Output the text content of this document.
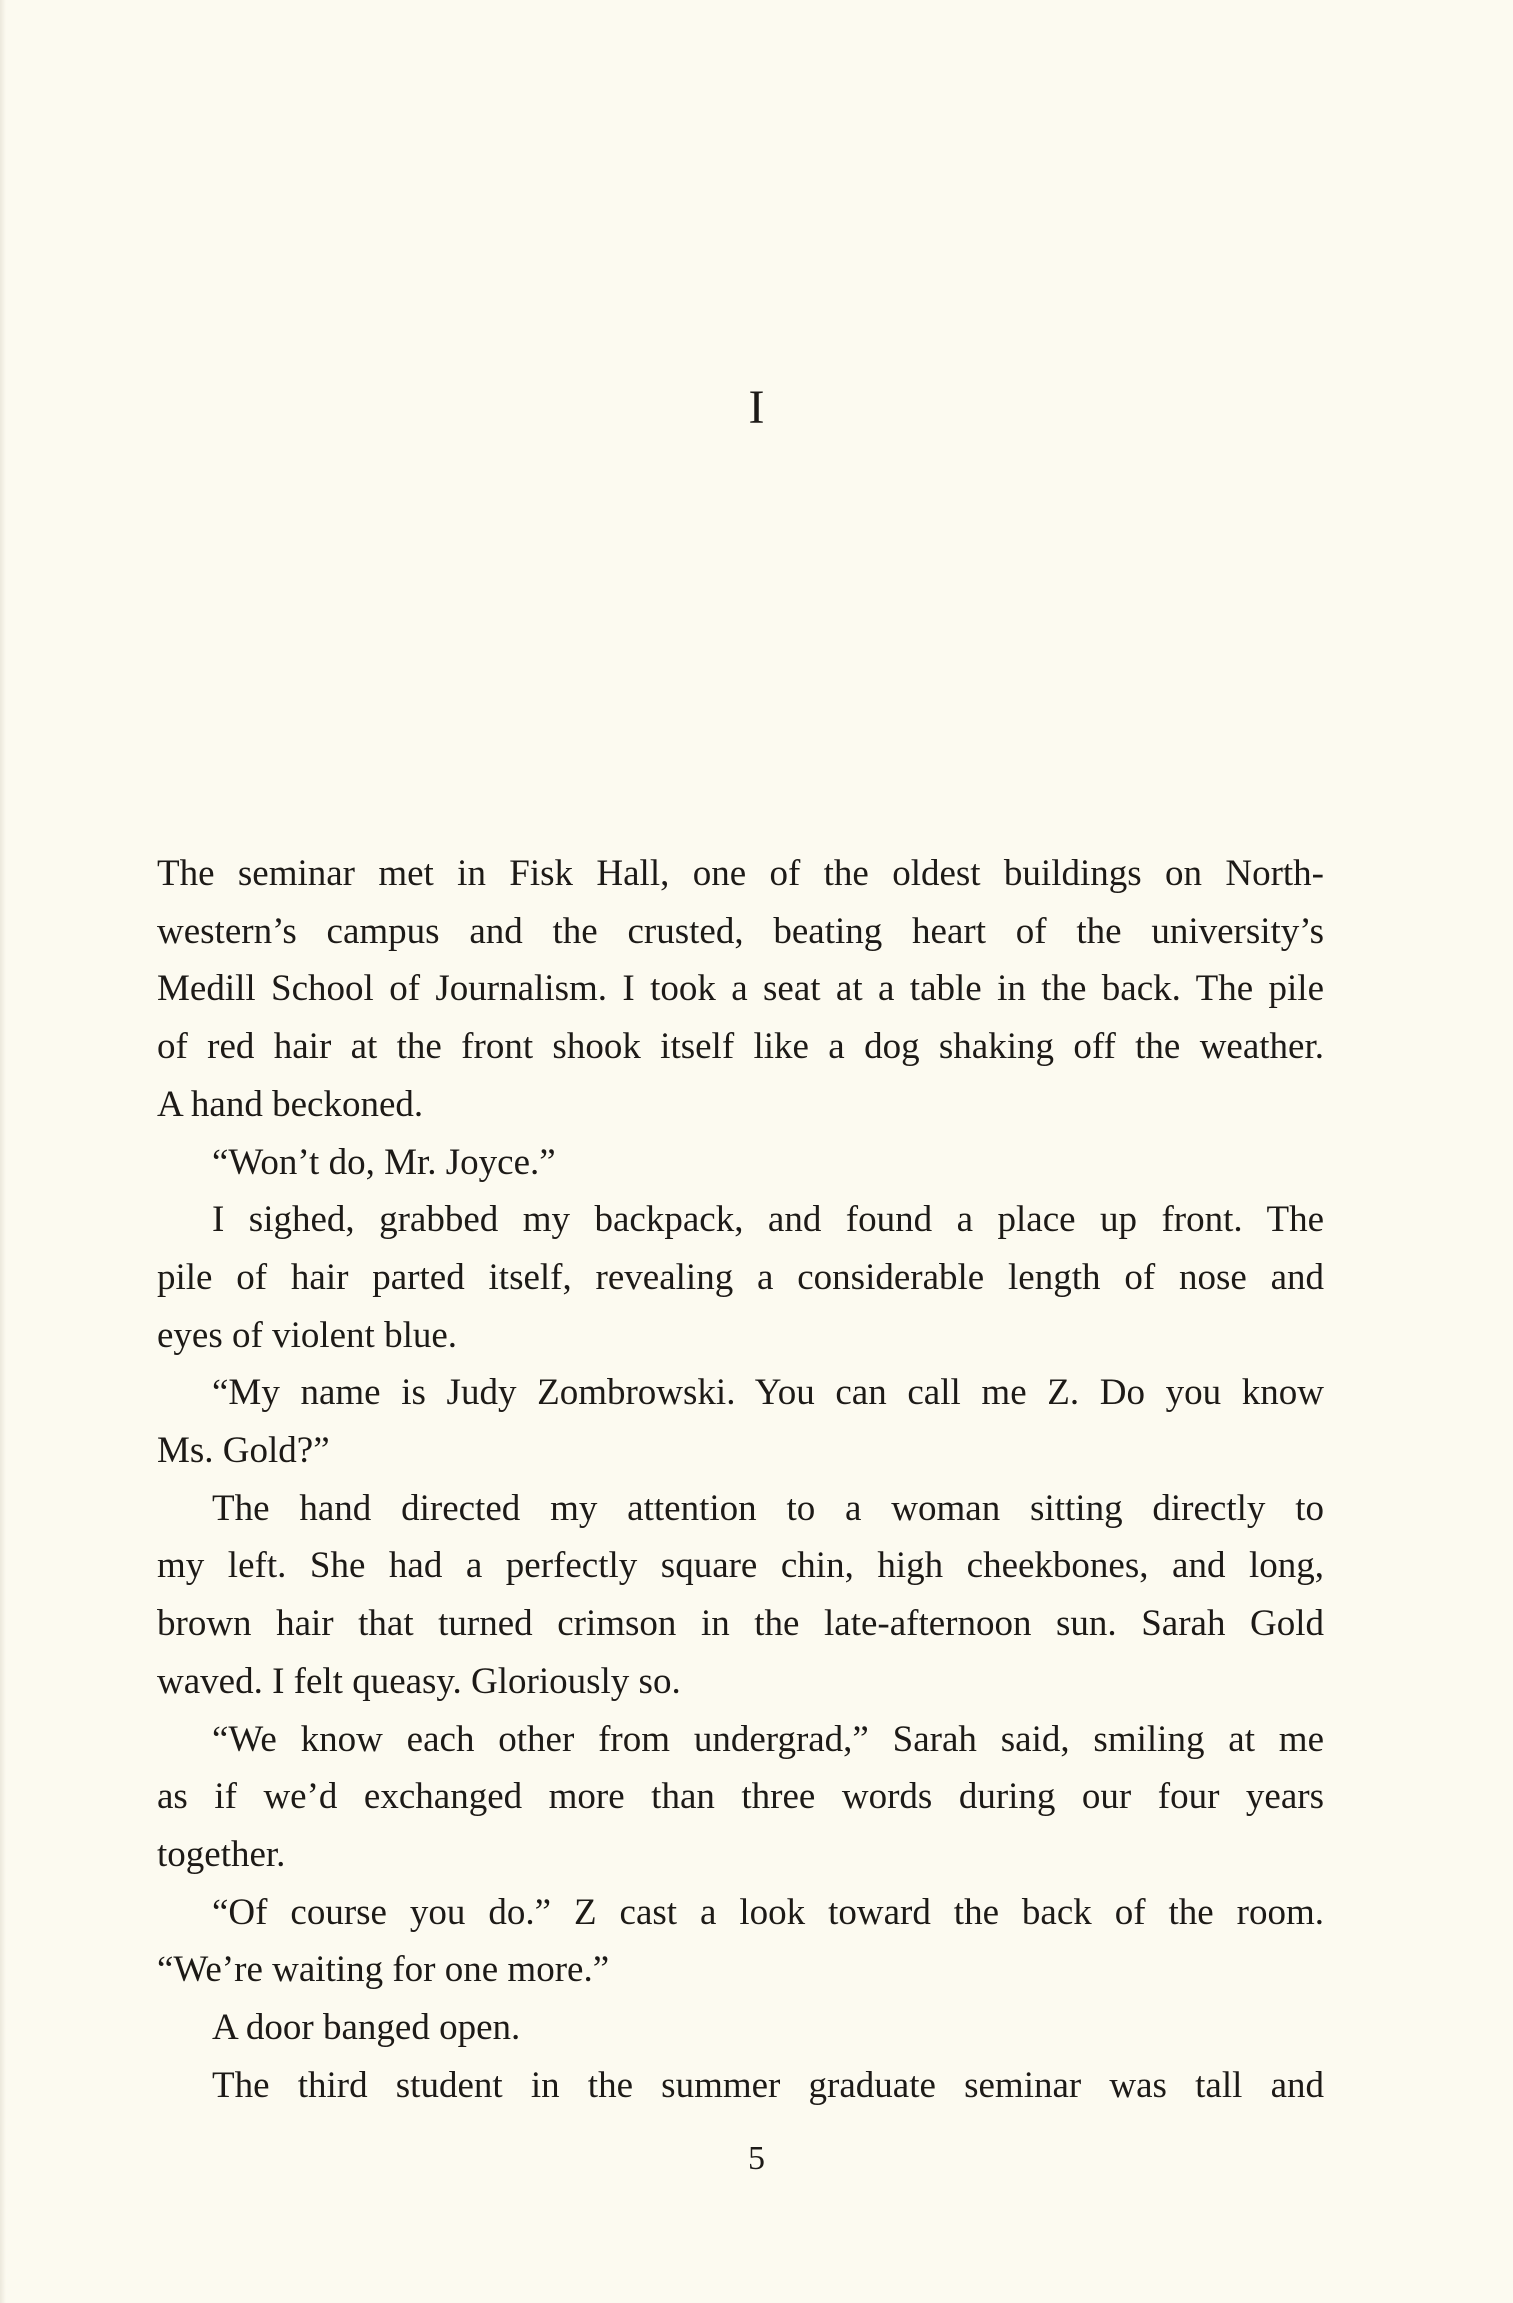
I

The seminar met in Fisk Hall, one of the oldest buildings on North-

western’s campus and the crusted, beating heart of the university’s

Medill School of Journalism. I took a seat at a table in the back. The pile

of red hair at the front shook itself like a dog shaking off the weather.

A hand beckoned.

“Won’t do, Mr. Joyce.”

I sighed, grabbed my backpack, and found a place up front. The

pile of hair parted itself, revealing a considerable length of nose and

eyes of violent blue.

“My name is Judy Zombrowski. You can call me Z. Do you know

Ms. Gold?”

The hand directed my attention to a woman sitting directly to

my left. She had a perfectly square chin, high cheekbones, and long,

brown hair that turned crimson in the late-afternoon sun. Sarah Gold

waved. I felt queasy. Gloriously so.

“We know each other from undergrad,” Sarah said, smiling at me

as if we’d exchanged more than three words during our four years

together.

“Of course you do.” Z cast a look toward the back of the room.

“We’re waiting for one more.”

A door banged open.

The third student in the summer graduate seminar was tall and

5
